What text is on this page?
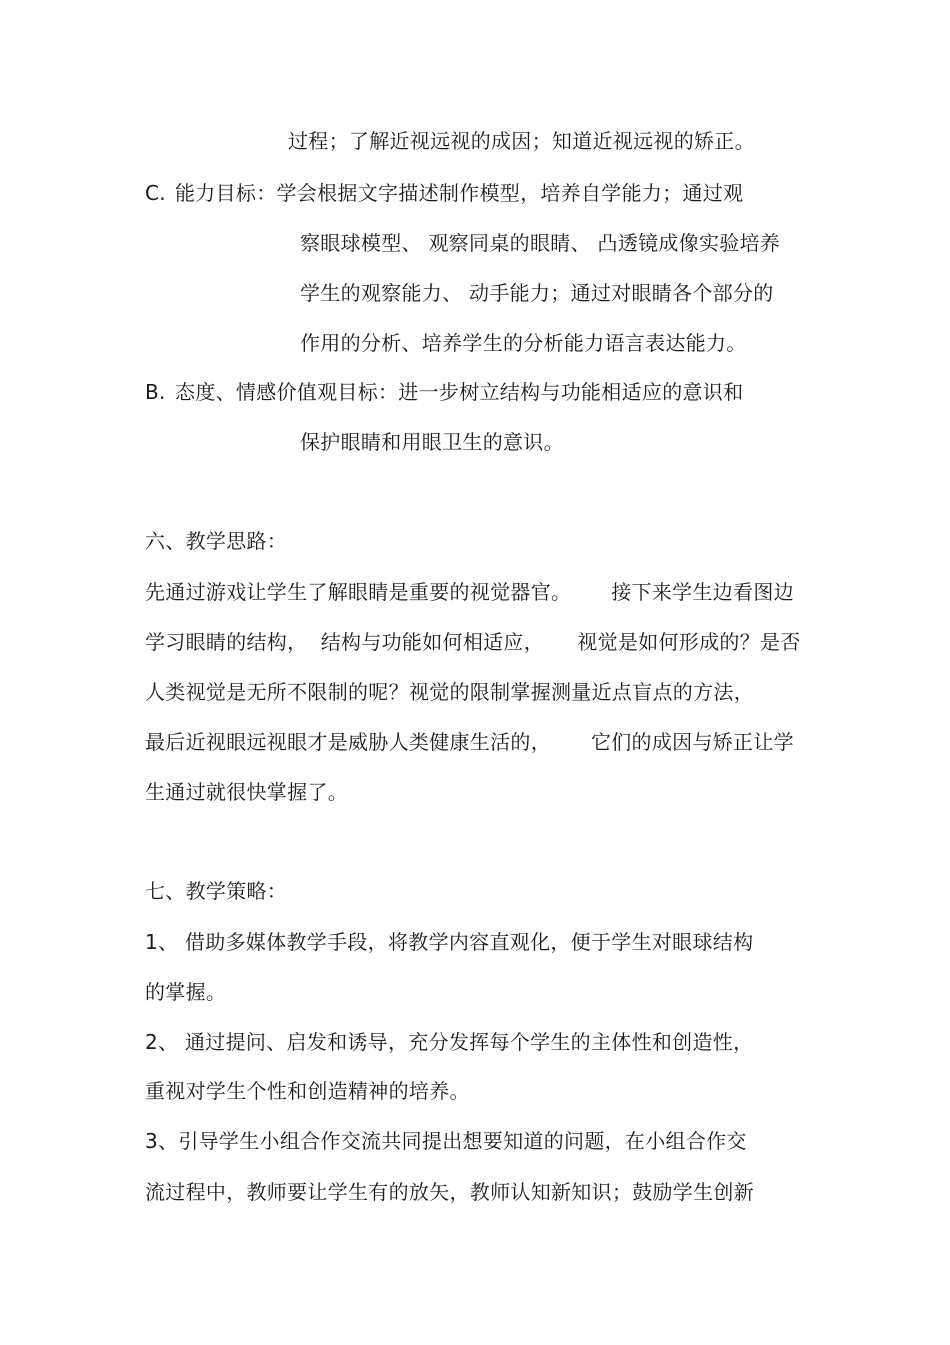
过程；了解近视远视的成因；知道近视远视的矫正。
C. 能力目标：学会根据文字描述制作模型，培养自学能力；通过观
察眼球模型、 观察同桌的眼睛、 凸透镜成像实验培养
学生的观察能力、 动手能力；通过对眼睛各个部分的
作用的分析、培养学生的分析能力语言表达能力。
B. 态度、情感价值观目标：进一步树立结构与功能相适应的意识和
保护眼睛和用眼卫生的意识。
六、教学思路：
先通过游戏让学生了解眼睛是重要的视觉器官。      接下来学生边看图边
学习眼睛的结构，  结构与功能如何相适应，     视觉是如何形成的？是否
人类视觉是无所不限制的呢？视觉的限制掌握测量近点盲点的方法，
最后近视眼远视眼才是威胁人类健康生活的，      它们的成因与矫正让学
生通过就很快掌握了。
七、教学策略：
1、 借助多媒体教学手段，将教学内容直观化，便于学生对眼球结构
的掌握。
2、 通过提问、启发和诱导，充分发挥每个学生的主体性和创造性，
重视对学生个性和创造精神的培养。
3、引导学生小组合作交流共同提出想要知道的问题，在小组合作交
流过程中，教师要让学生有的放矢，教师认知新知识；鼓励学生创新
